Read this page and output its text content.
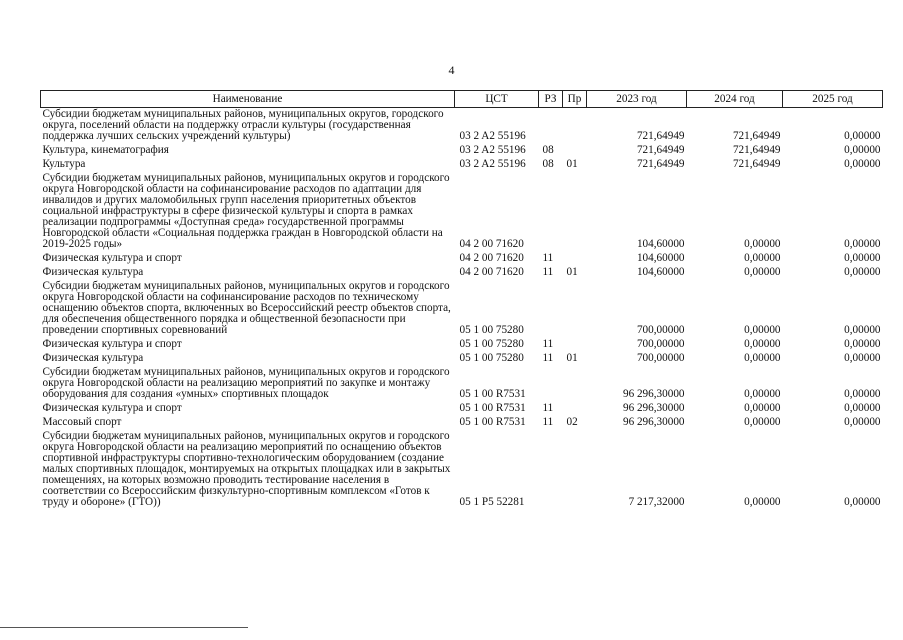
4
Наименование	ЦСТ	РЗ	Пр	2023 год	2024 год	2025 год
Субсидии бюджетам муниципальных районов, муниципальных округов, городского округа, поселений области на поддержку отрасли культуры (государственная поддержка лучших сельских учреждений культуры)	03 2 A2 55196			721,64949	721,64949	0,00000
Культура, кинематография	03 2 A2 55196	08		721,64949	721,64949	0,00000
Культура	03 2 A2 55196	08	01	721,64949	721,64949	0,00000
Субсидии бюджетам муниципальных районов, муниципальных округов и городского округа Новгородской области на софинансирование расходов по адаптации для инвалидов и других маломобильных групп населения приоритетных объектов социальной инфраструктуры в сфере физической культуры и спорта в рамках реализации подпрограммы «Доступная среда» государственной программы Новгородской области «Социальная поддержка граждан в Новгородской области на 2019-2025 годы»	04 2 00 71620			104,60000	0,00000	0,00000
Физическая культура и спорт	04 2 00 71620	11		104,60000	0,00000	0,00000
Физическая культура	04 2 00 71620	11	01	104,60000	0,00000	0,00000
Субсидии бюджетам муниципальных районов, муниципальных округов и городского округа Новгородской области на софинансирование расходов по техническому оснащению объектов спорта, включенных во Всероссийский реестр объектов спорта, для обеспечения общественного порядка и общественной безопасности при проведении спортивных соревнований	05 1 00 75280			700,00000	0,00000	0,00000
Физическая культура и спорт	05 1 00 75280	11		700,00000	0,00000	0,00000
Физическая культура	05 1 00 75280	11	01	700,00000	0,00000	0,00000
Субсидии бюджетам муниципальных районов, муниципальных округов и городского округа Новгородской области на реализацию мероприятий по закупке и монтажу оборудования для создания «умных» спортивных площадок	05 1 00 R7531			96 296,30000	0,00000	0,00000
Физическая культура и спорт	05 1 00 R7531	11		96 296,30000	0,00000	0,00000
Массовый спорт	05 1 00 R7531	11	02	96 296,30000	0,00000	0,00000
Субсидии бюджетам муниципальных районов, муниципальных округов и городского округа Новгородской области на реализацию мероприятий по оснащению объектов спортивной инфраструктуры спортивно-технологическим оборудованием (создание малых спортивных площадок, монтируемых на открытых площадках или в закрытых помещениях, на которых возможно проводить тестирование населения в соответствии со Всероссийским физкультурно-спортивным комплексом «Готов к труду и обороне» (ГТО))	05 1 P5 52281			7 217,32000	0,00000	0,00000
